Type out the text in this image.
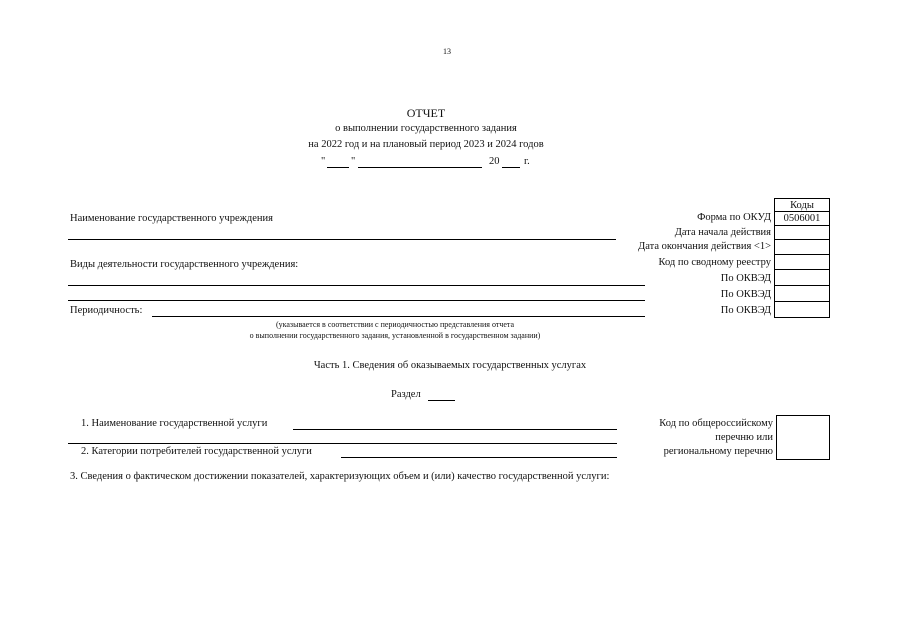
13
ОТЧЕТ
о выполнении государственного задания
на 2022 год и на плановый период 2023 и 2024 годов
" "	20 г.
Коды
0506001
Форма по ОКУД
Дата начала действия
Дата окончания действия <1>
Код по сводному реестру
По ОКВЭД
По ОКВЭД
По ОКВЭД
Наименование государственного учреждения
Виды деятельности государственного учреждения:
Периодичность:
(указывается в соответствии с периодичностью представления отчета
о выполнении государственного задания, установленной в государственном задании)
Часть 1. Сведения об оказываемых государственных услугах
Раздел
1. Наименование государственной услуги
2. Категории потребителей государственной услуги
Код по общероссийскому
перечню или
региональному перечню
3. Сведения о фактическом достижении показателей, характеризующих объем и (или) качество государственной услуги:
